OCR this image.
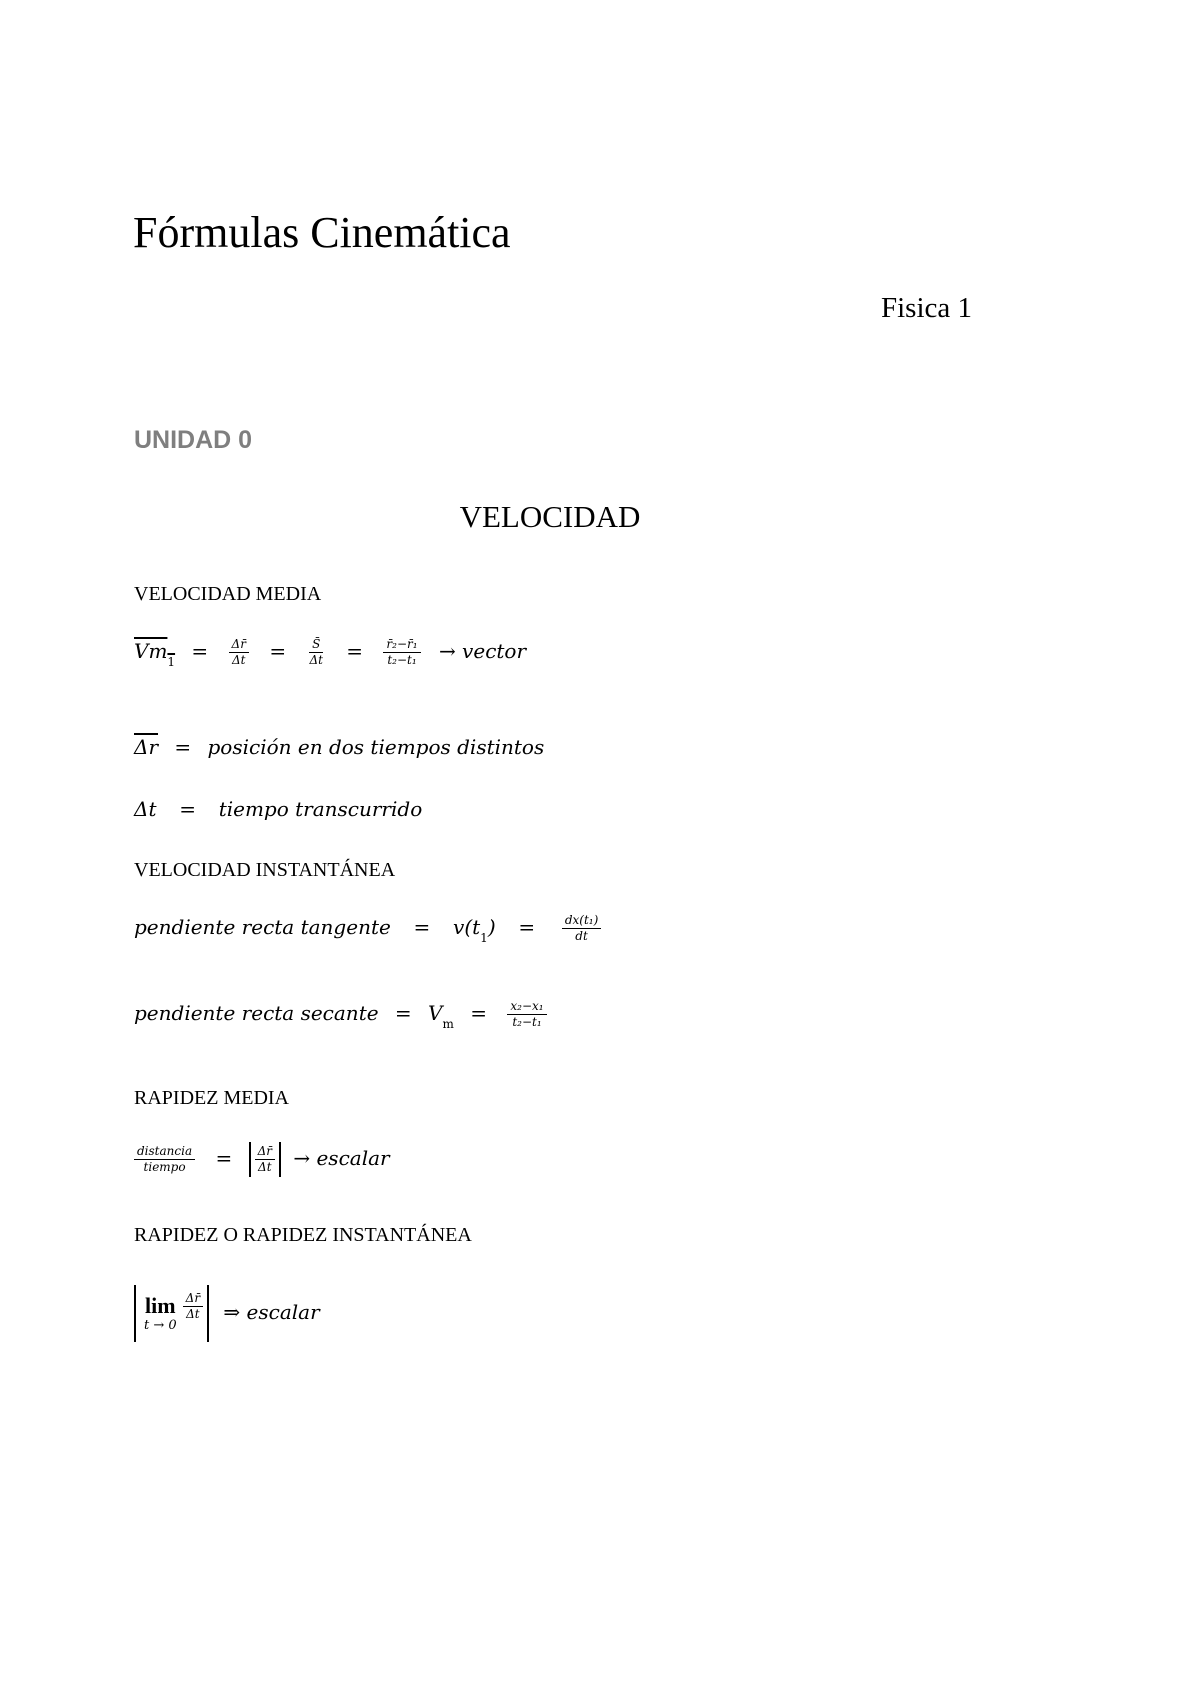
Fórmulas Cinemática
Fisica 1
UNIDAD 0
VELOCIDAD
VELOCIDAD MEDIA
$Vm_1 = \frac{\Delta r̄}{\Delta t} = \frac{S̄}{\Delta t} = \frac{\text{r̄₂−r̄₁}}{\text{t₂−t₁}}$ → vector
$\overline{\Delta r}$ = posición en dos tiempos distintos
Δt  =  tiempo transcurrido
VELOCIDAD INSTANTÁNEA
pendiente recta tangente  =  $v(t_1) = \frac{\text{dx(t₁)}}{dt}$
pendiente recta secante = $V_m = \frac{\text{x₂−x₁}}{\text{t₂−t₁}}$
RAPIDEZ MEDIA
$\frac{\text{distancia}}{\text{tiempo}} = \frac{\Delta r̄}{\Delta t}$ → escalar
RAPIDEZ O RAPIDEZ INSTANTÁNEA
lim
t → 0
$\frac{\Delta r̄}{\Delta t}$ ⇒ escalar
